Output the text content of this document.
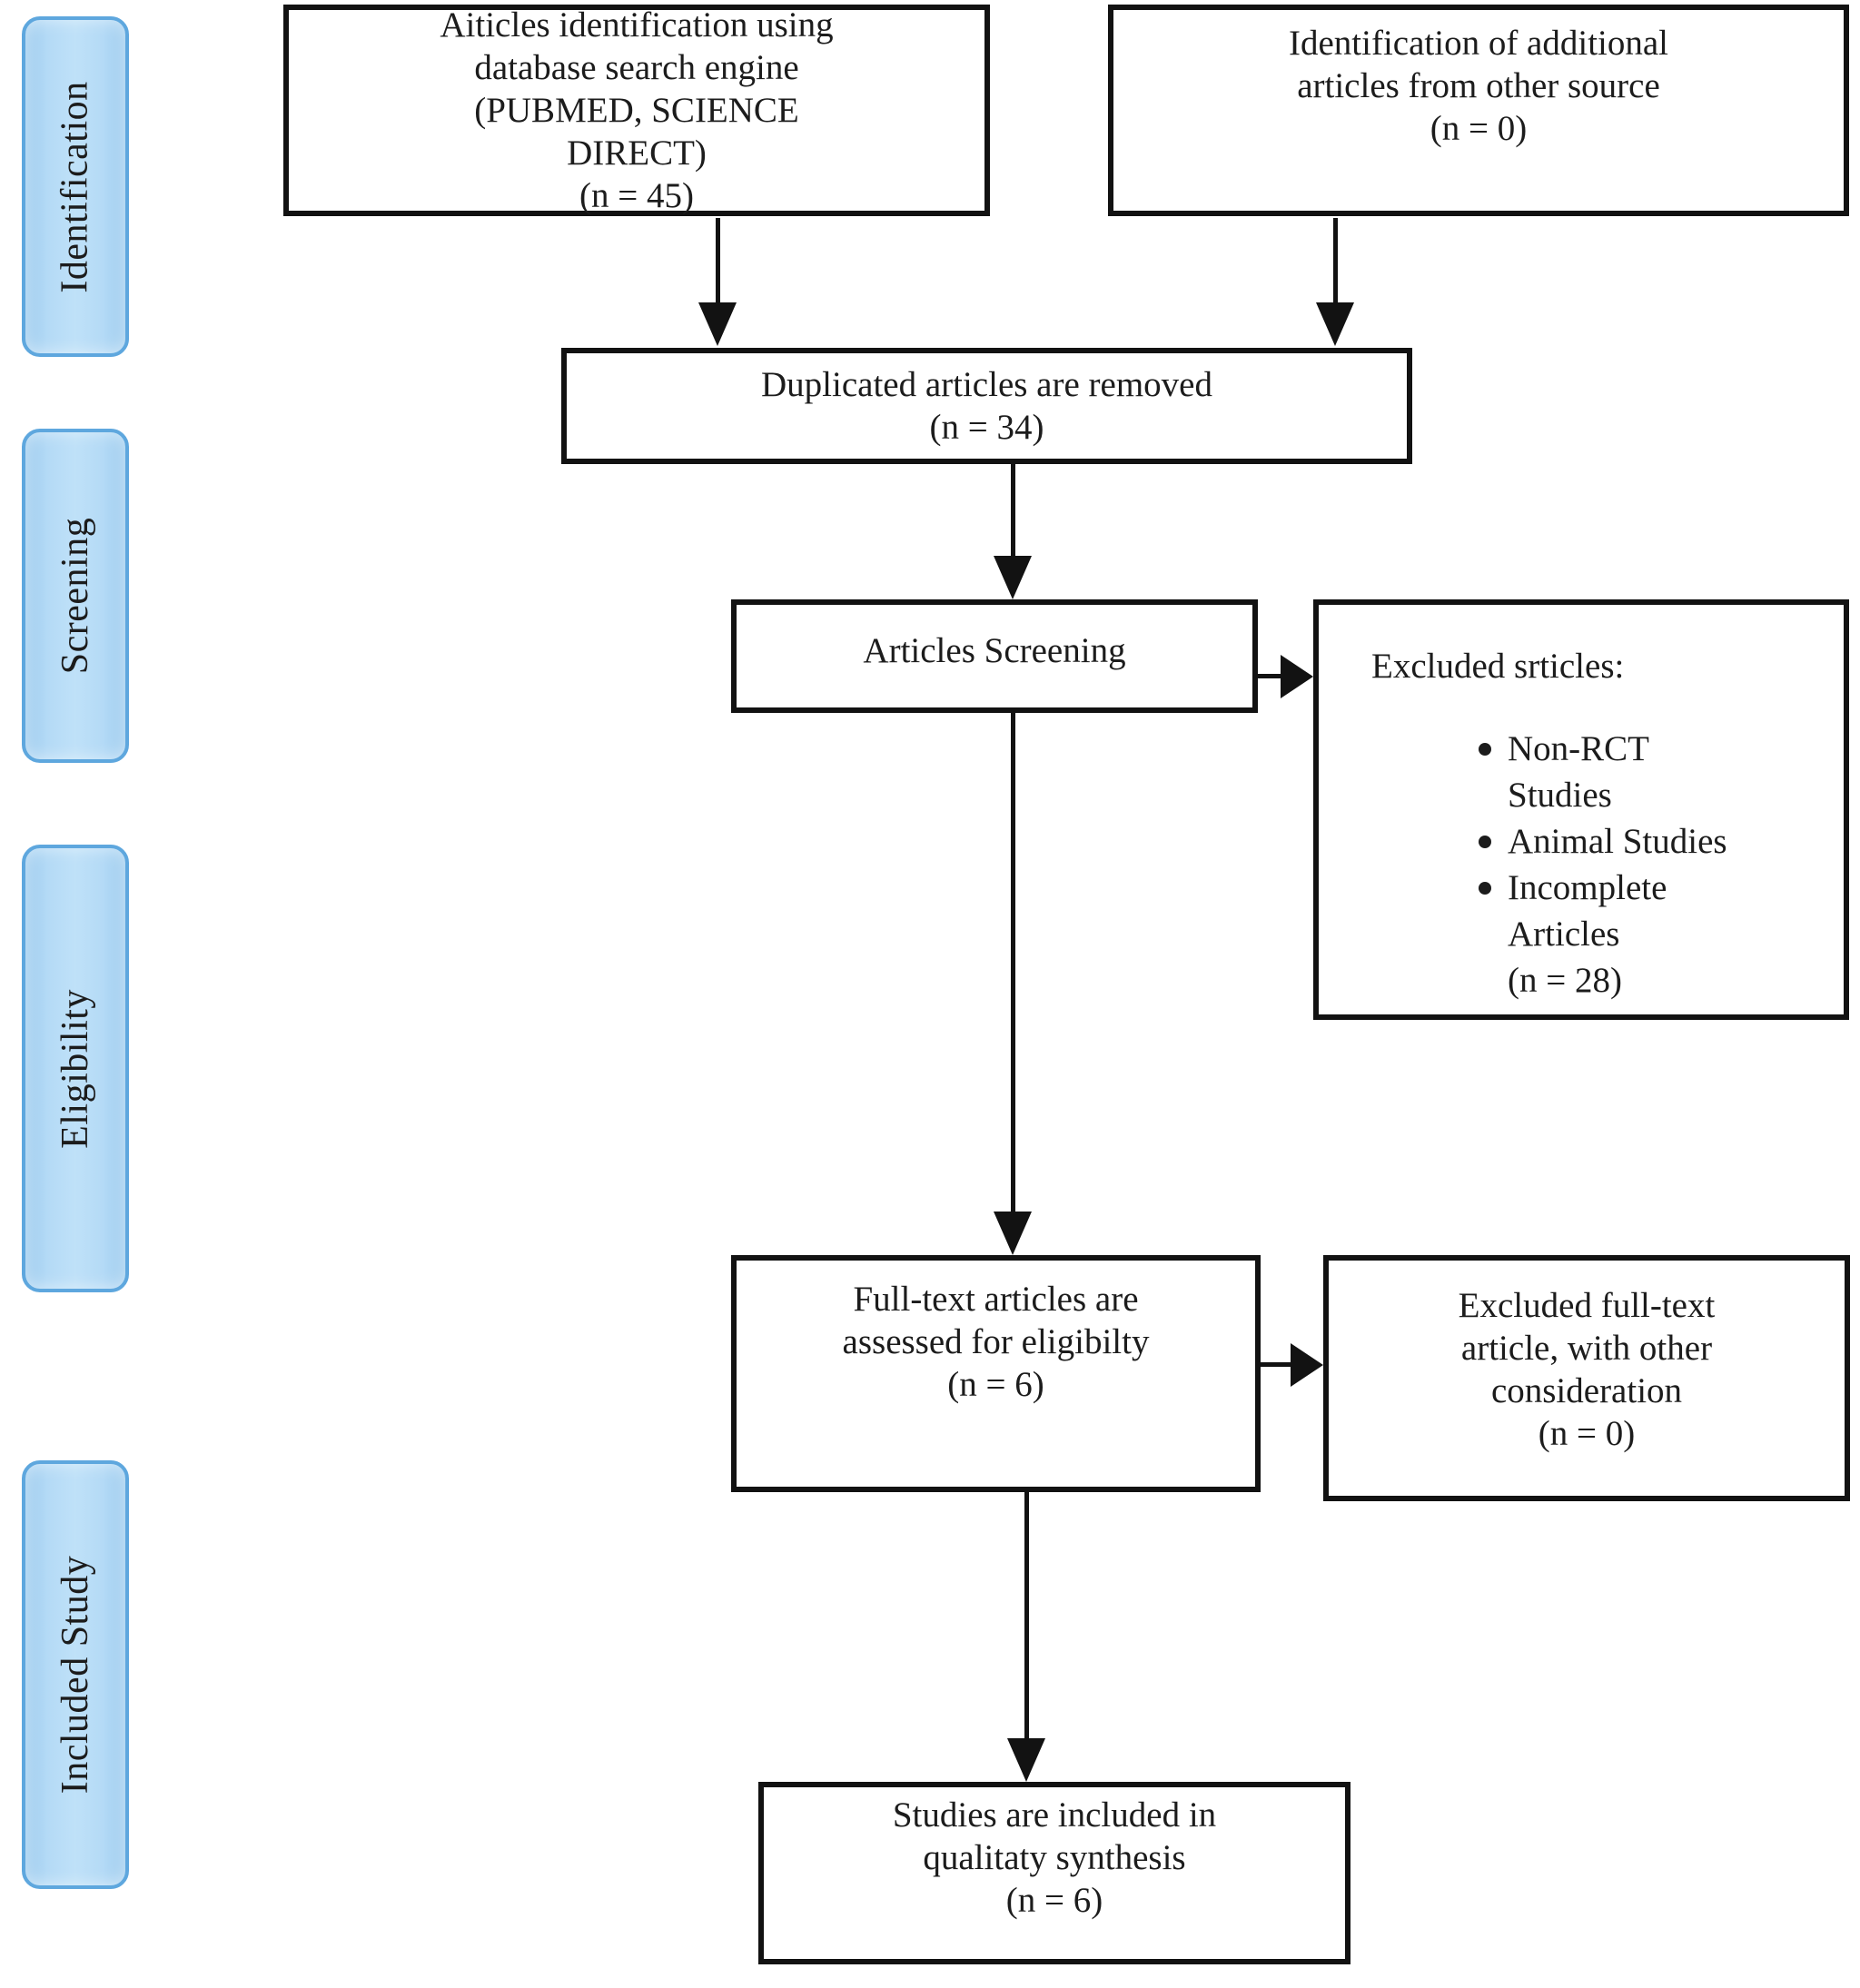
Identification
Screening
Eligibility
Included Study
Aiticles identification using
database search engine
(PUBMED, SCIENCE
DIRECT)
(n = 45)
Identification of additional
articles from other source
(n = 0)
Duplicated articles are removed
(n = 34)
Articles Screening	Excluded srticles:
Non-RCT
Studies
Animal Studies
Incomplete
Articles
(n = 28)
Full-text articles are
assessed for eligibilty
(n = 6)
Excluded full-text
article, with other
consideration
(n = 0)
Studies are included in
qualitaty synthesis
(n = 6)
